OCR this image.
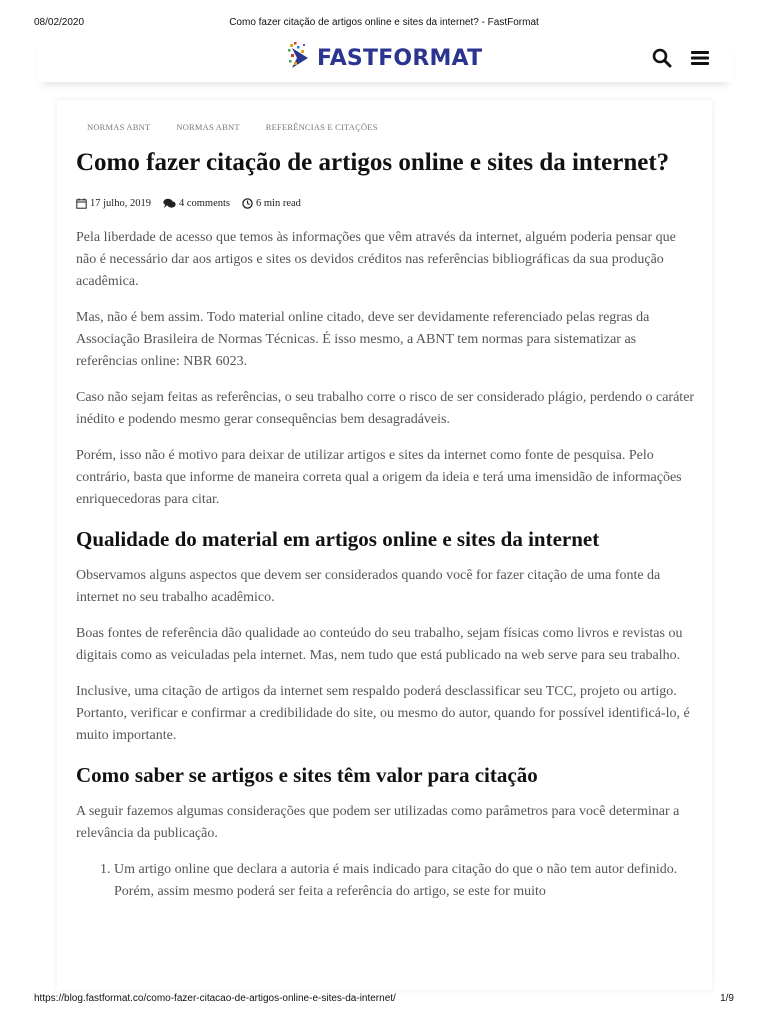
08/02/2020	Como fazer citação de artigos online e sites da internet? - FastFormat
FASTFORMAT
NORMAS ABNT	NORMAS ABNT	REFERÊNCIAS E CITAÇÕES
Como fazer citação de artigos online e sites da internet?
17 julho, 2019	4 comments 6 min read

Pela liberdade de acesso que temos às informações que vêm através da internet, alguém poderia pensar que não é necessário dar aos artigos e sites os devidos créditos nas referências bibliográficas da sua produção acadêmica.

Mas, não é bem assim. Todo material online citado, deve ser devidamente referenciado pelas regras da Associação Brasileira de Normas Técnicas. É isso mesmo, a ABNT tem normas para sistematizar as referências online: NBR 6023.

Caso não sejam feitas as referências, o seu trabalho corre o risco de ser considerado plágio, perdendo o caráter inédito e podendo mesmo gerar consequências bem desagradáveis.

Porém, isso não é motivo para deixar de utilizar artigos e sites da internet como fonte de pesquisa. Pelo contrário, basta que informe de maneira correta qual a origem da ideia e terá uma imensidão de informações enriquecedoras para citar.

Qualidade do material em artigos online e sites da internet

Observamos alguns aspectos que devem ser considerados quando você for fazer citação de uma fonte da internet no seu trabalho acadêmico.

Boas fontes de referência dão qualidade ao conteúdo do seu trabalho, sejam físicas como livros e revistas ou digitais como as veiculadas pela internet. Mas, nem tudo que está publicado na web serve para seu trabalho.

Inclusive, uma citação de artigos da internet sem respaldo poderá desclassificar seu TCC, projeto ou artigo. Portanto, verificar e confirmar a credibilidade do site, ou mesmo do autor, quando for possível identificá-lo, é muito importante.

Como saber se artigos e sites têm valor para citação

A seguir fazemos algumas considerações que podem ser utilizadas como parâmetros para você determinar a relevância da publicação.

1. Um artigo online que declara a autoria é mais indicado para citação do que o não tem autor definido. Porém, assim mesmo poderá ser feita a referência do artigo, se este for muito
https://blog.fastformat.co/como-fazer-citacao-de-artigos-online-e-sites-da-internet/	1/9
